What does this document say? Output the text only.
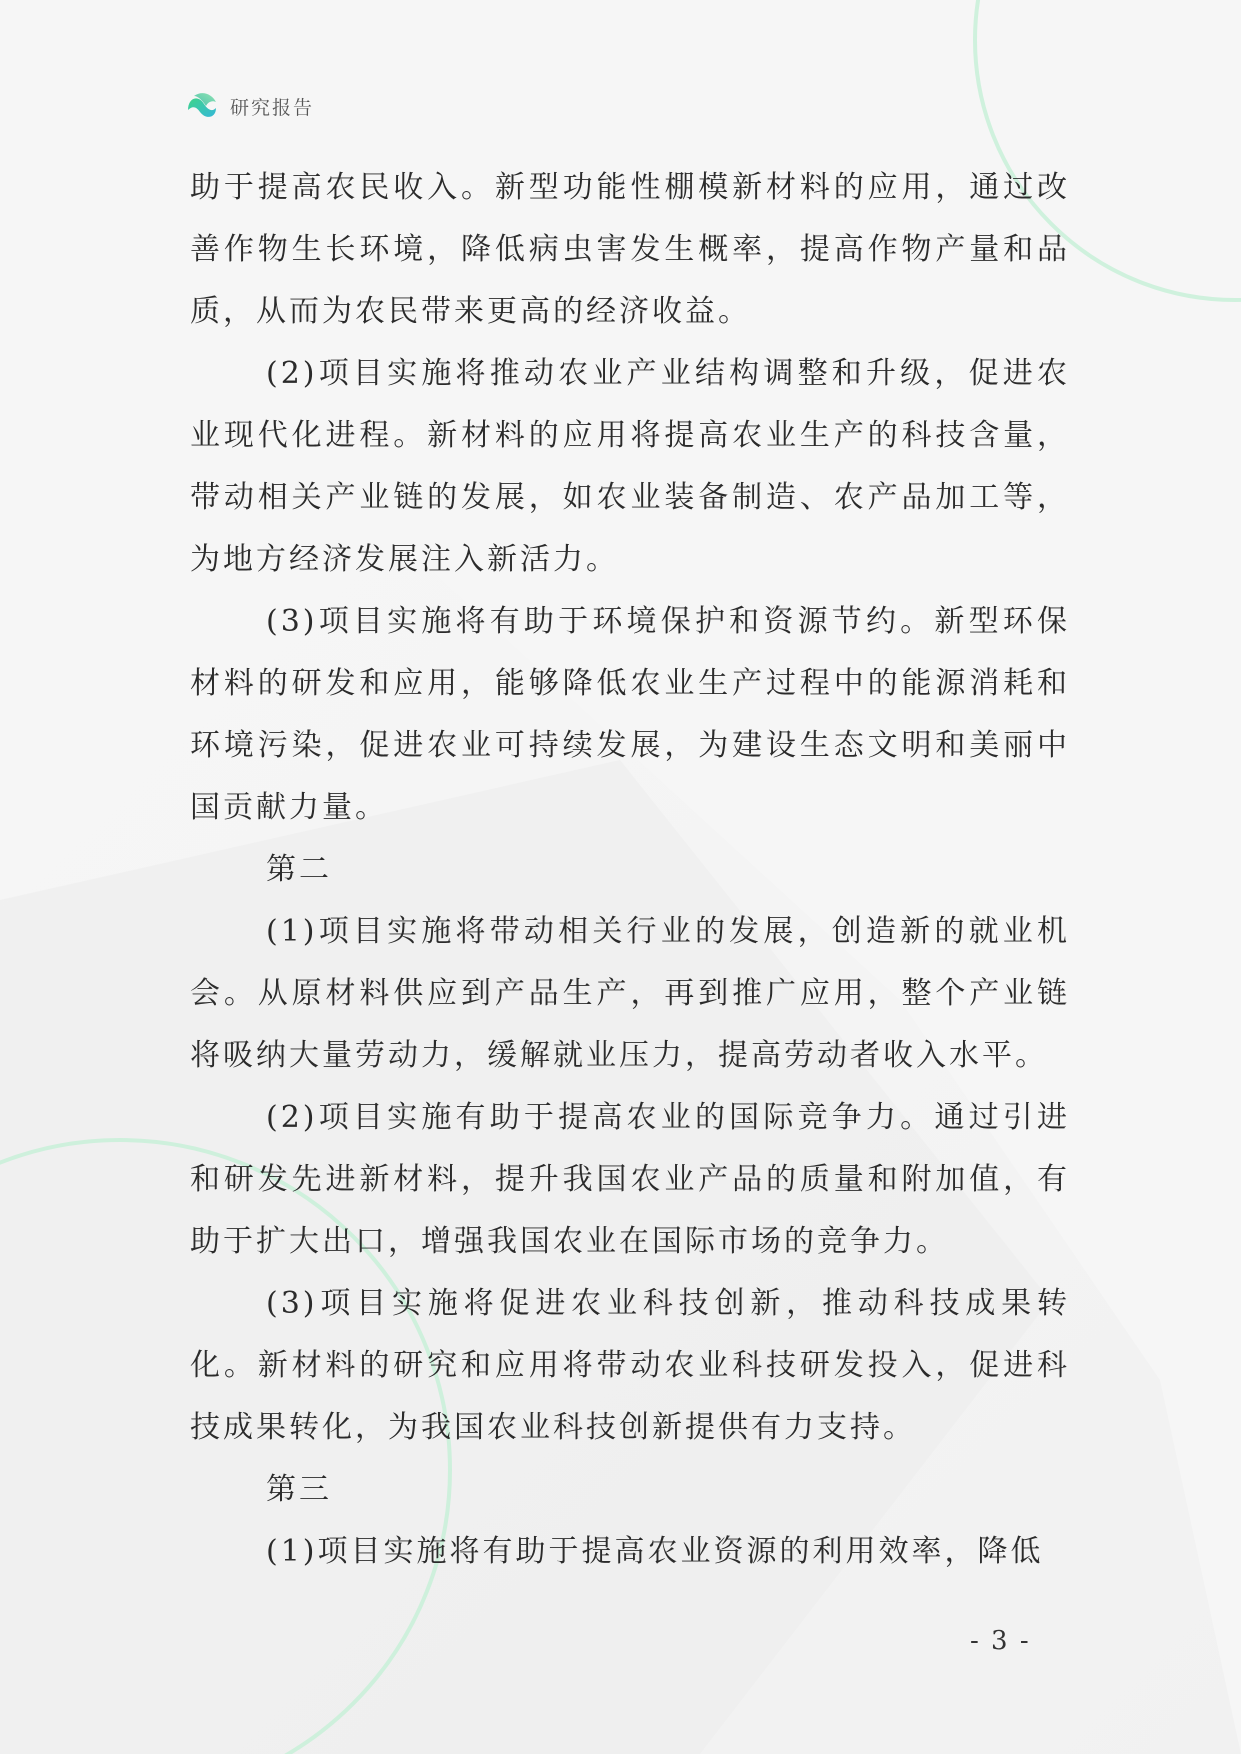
研究报告

助于提高农民收入。新型功能性棚模新材料的应用，通过改善作物生长环境，降低病虫害发生概率，提高作物产量和品质，从而为农民带来更高的经济收益。

(2)项目实施将推动农业产业结构调整和升级，促进农业现代化进程。新材料的应用将提高农业生产的科技含量，带动相关产业链的发展，如农业装备制造、农产品加工等，为地方经济发展注入新活力。

(3)项目实施将有助于环境保护和资源节约。新型环保材料的研发和应用，能够降低农业生产过程中的能源消耗和环境污染，促进农业可持续发展，为建设生态文明和美丽中国贡献力量。

第二

(1)项目实施将带动相关行业的发展，创造新的就业机会。从原材料供应到产品生产，再到推广应用，整个产业链将吸纳大量劳动力，缓解就业压力，提高劳动者收入水平。

(2)项目实施有助于提高农业的国际竞争力。通过引进和研发先进新材料，提升我国农业产品的质量和附加值，有助于扩大出口，增强我国农业在国际市场的竞争力。

(3)项目实施将促进农业科技创新，推动科技成果转化。新材料的研究和应用将带动农业科技研发投入，促进科技成果转化，为我国农业科技创新提供有力支持。

第三

(1)项目实施将有助于提高农业资源的利用效率，降低

- 3 -
